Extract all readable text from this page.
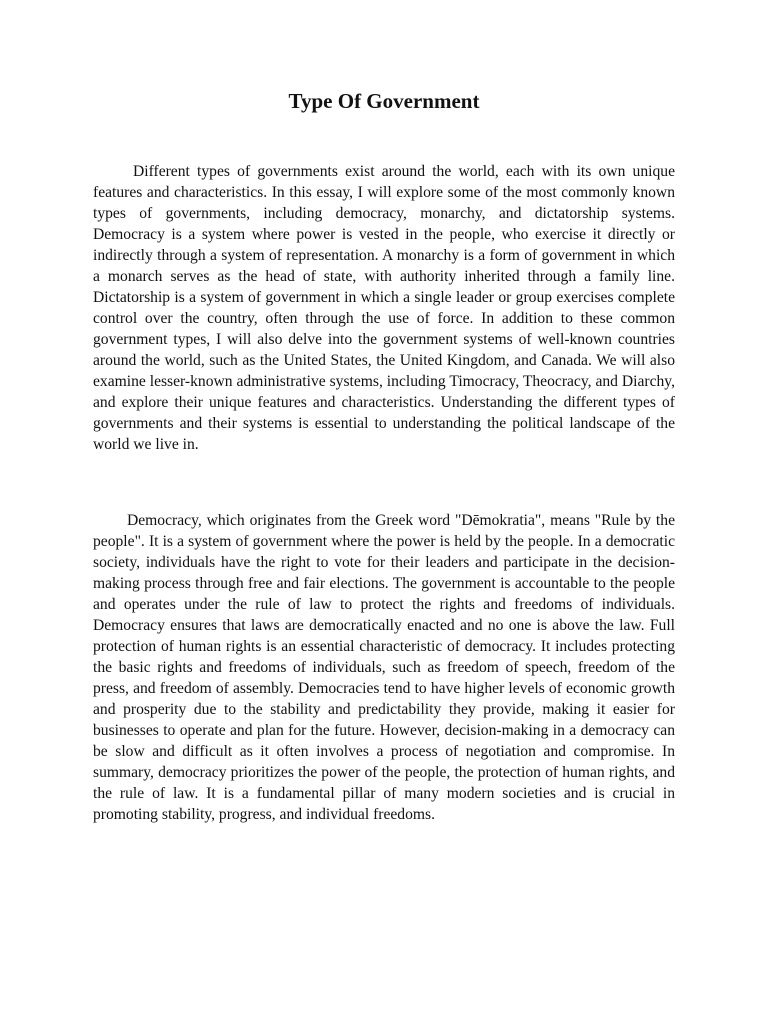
Type Of Government

Different types of governments exist around the world, each with its own unique features and characteristics. In this essay, I will explore some of the most commonly known types of governments, including democracy, monarchy, and dictatorship systems. Democracy is a system where power is vested in the people, who exercise it directly or indirectly through a system of representation. A monarchy is a form of government in which a monarch serves as the head of state, with authority inherited through a family line. Dictatorship is a system of government in which a single leader or group exercises complete control over the country, often through the use of force. In addition to these common government types, I will also delve into the government systems of well-known countries around the world, such as the United States, the United Kingdom, and Canada. We will also examine lesser-known administrative systems, including Timocracy, Theocracy, and Diarchy, and explore their unique features and characteristics. Understanding the different types of governments and their systems is essential to understanding the political landscape of the world we live in.

Democracy, which originates from the Greek word "Dēmokratia", means "Rule by the people". It is a system of government where the power is held by the people. In a democratic society, individuals have the right to vote for their leaders and participate in the decision-making process through free and fair elections. The government is accountable to the people and operates under the rule of law to protect the rights and freedoms of individuals. Democracy ensures that laws are democratically enacted and no one is above the law. Full protection of human rights is an essential characteristic of democracy. It includes protecting the basic rights and freedoms of individuals, such as freedom of speech, freedom of the press, and freedom of assembly. Democracies tend to have higher levels of economic growth and prosperity due to the stability and predictability they provide, making it easier for businesses to operate and plan for the future. However, decision-making in a democracy can be slow and difficult as it often involves a process of negotiation and compromise. In summary, democracy prioritizes the power of the people, the protection of human rights, and the rule of law. It is a fundamental pillar of many modern societies and is crucial in promoting stability, progress, and individual freedoms.
